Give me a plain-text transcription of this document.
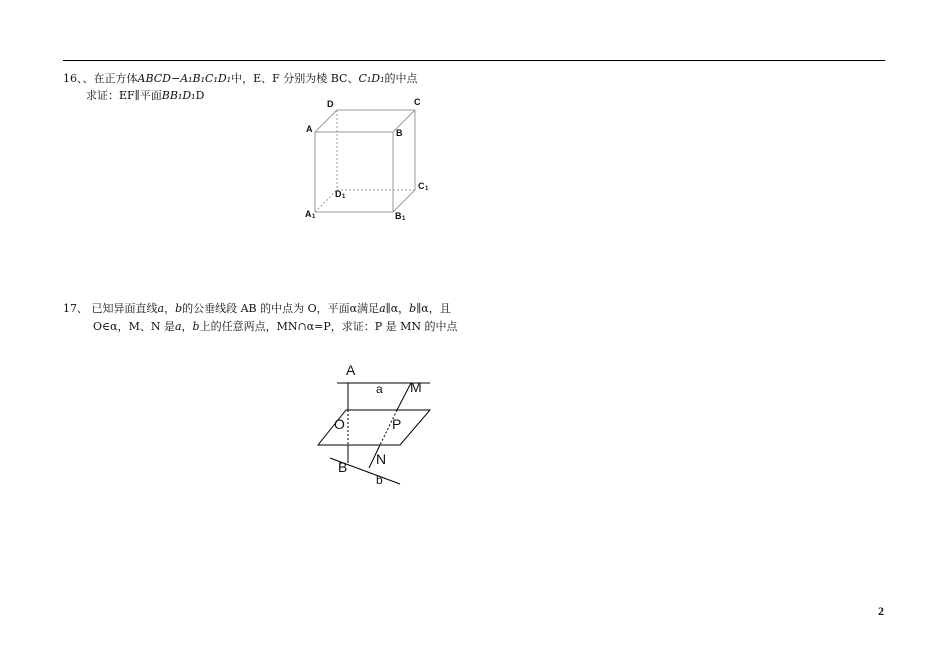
16、、在正方体ABCD−A₁B₁C₁D₁中，E、F 分别为棱 BC、C₁D₁的中点
求证：EF∥平面BB₁D₁D
D	C
A	B
D 1
C 1
A 1	B 1
17、 已知异面直线a，b的公垂线段 AB 的中点为 O，平面α满足a∥α，b∥α，且
O∈α，M、N 是a，b上的任意两点，MN∩α=P，求证：P 是 MN 的中点
A
a M
O	P
N
B
b
2
